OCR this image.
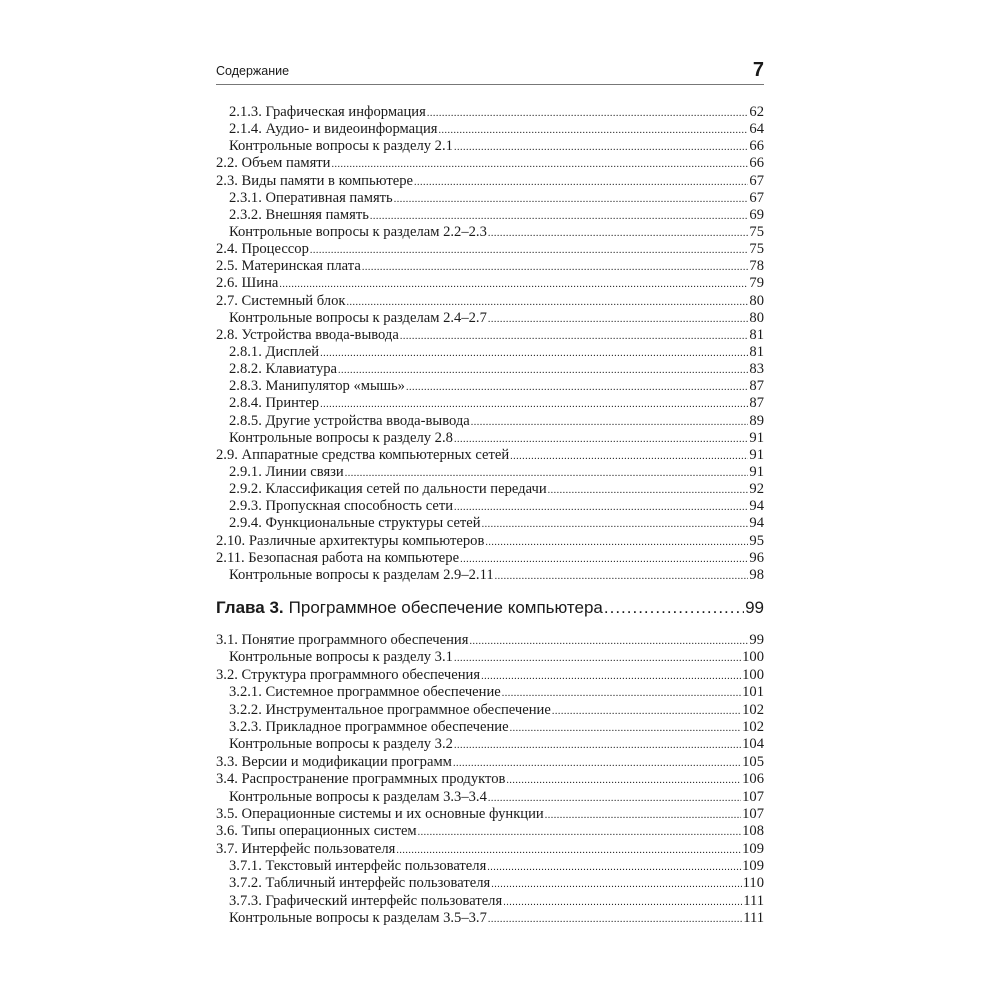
Содержание	7
2.1.3. Графическая информация .....	62
2.1.4. Аудио- и видеоинформация .....	64
Контрольные вопросы к разделу 2.1 .....	66
2.2. Объем памяти .....	66
2.3. Виды памяти в компьютере .....	67
2.3.1. Оперативная память .....	67
2.3.2. Внешняя память .....	69
Контрольные вопросы к разделам 2.2–2.3 .....	75
2.4. Процессор .....	75
2.5. Материнская плата .....	78
2.6. Шина .....	79
2.7. Системный блок .....	80
Контрольные вопросы к разделам 2.4–2.7 .....	80
2.8. Устройства ввода-вывода .....	81
2.8.1. Дисплей .....	81
2.8.2. Клавиатура .....	83
2.8.3. Манипулятор «мышь» .....	87
2.8.4. Принтер .....	87
2.8.5. Другие устройства ввода-вывода .....	89
Контрольные вопросы к разделу 2.8 .....	91
2.9. Аппаратные средства компьютерных сетей .....	91
2.9.1. Линии связи .....	91
2.9.2. Классификация сетей по дальности передачи .....	92
2.9.3. Пропускная способность сети .....	94
2.9.4. Функциональные структуры сетей .....	94
2.10. Различные архитектуры компьютеров .....	95
2.11. Безопасная работа на компьютере .....	96
Контрольные вопросы к разделам 2.9–2.11 .....	98
Глава 3. Программное обеспечение компьютера .....	99
3.1. Понятие программного обеспечения .....	99
Контрольные вопросы к разделу 3.1 .....	100
3.2. Структура программного обеспечения .....	100
3.2.1. Системное программное обеспечение .....	101
3.2.2. Инструментальное программное обеспечение .....	102
3.2.3. Прикладное программное обеспечение .....	102
Контрольные вопросы к разделу 3.2 .....	104
3.3. Версии и модификации программ .....	105
3.4. Распространение программных продуктов .....	106
Контрольные вопросы к разделам 3.3–3.4 .....	107
3.5. Операционные системы и их основные функции .....	107
3.6. Типы операционных систем .....	108
3.7. Интерфейс пользователя .....	109
3.7.1. Текстовый интерфейс пользователя .....	109
3.7.2. Табличный интерфейс пользователя .....	110
3.7.3. Графический интерфейс пользователя .....	111
Контрольные вопросы к разделам 3.5–3.7 .....	111
